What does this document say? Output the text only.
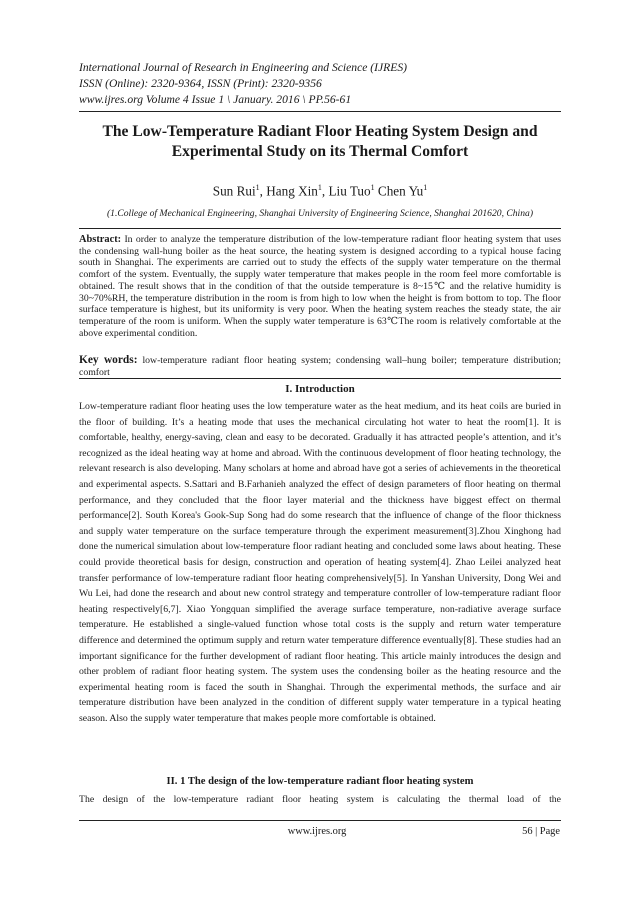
International Journal of Research in Engineering and Science (IJRES)
ISSN (Online): 2320-9364, ISSN (Print): 2320-9356
www.ijres.org Volume 4 Issue 1 \ January. 2016 \ PP.56-61
The Low-Temperature Radiant Floor Heating System Design and Experimental Study on its Thermal Comfort
Sun Rui$^1$, Hang Xin$^1$, Liu Tuo$^1$ Chen Yu$^1$
(1.College of Mechanical Engineering, Shanghai University of Engineering Science, Shanghai 201620, China)
Abstract: In order to analyze the temperature distribution of the low-temperature radiant floor heating system that uses the condensing wall-hung boiler as the heat source, the heating system is designed according to a typical house facing south in Shanghai. The experiments are carried out to study the effects of the supply water temperature on the thermal comfort of the system. Eventually, the supply water temperature that makes people in the room feel more comfortable is obtained. The result shows that in the condition of that the outside temperature is 8~15℃ and the relative humidity is 30~70%RH, the temperature distribution in the room is from high to low when the height is from bottom to top. The floor surface temperature is highest, but its uniformity is very poor. When the heating system reaches the steady state, the air temperature of the room is uniform. When the supply water temperature is 63℃The room is relatively comfortable at the above experimental condition.
Key words: low-temperature radiant floor heating system; condensing wall–hung boiler; temperature distribution; comfort
I. Introduction

Low-temperature radiant floor heating uses the low temperature water as the heat medium, and its heat coils are buried in the floor of building. It’s a heating mode that uses the mechanical circulating hot water to heat the room[1]. It is comfortable, healthy, energy-saving, clean and easy to be decorated. Gradually it has attracted people’s attention, and it’s recognized as the ideal heating way at home and abroad. With the continuous development of floor heating technology, the relevant research is also developing. Many scholars at home and abroad have got a series of achievements in the theoretical and experimental aspects. S.Sattari and B.Farhanieh analyzed the effect of design parameters of floor heating on thermal performance, and they concluded that the floor layer material and the thickness have biggest effect on thermal performance[2]. South Korea's Gook-Sup Song had do some research that the influence of change of the floor thickness and supply water temperature on the surface temperature through the experiment measurement[3].Zhou Xinghong had done the numerical simulation about low-temperature floor radiant heating and concluded some laws about heating. These could provide theoretical basis for design, construction and operation of heating system[4]. Zhao Leilei analyzed heat transfer performance of low-temperature radiant floor heating comprehensively[5]. In Yanshan University, Dong Wei and Wu Lei, had done the research and about new control strategy and temperature controller of low-temperature radiant floor heating respectively[6,7]. Xiao Yongquan simplified the average surface temperature, non-radiative average surface temperature. He established a single-valued function whose total costs is the supply and return water temperature difference and determined the optimum supply and return water temperature difference eventually[8]. These studies had an important significance for the further development of radiant floor heating. This article mainly introduces the design and other problem of radiant floor heating system. The system uses the condensing boiler as the heating resource and the experimental heating room is faced the south in Shanghai. Through the experimental methods, the surface and air temperature distribution have been analyzed in the condition of different supply water temperature in a typical heating season. Also the supply water temperature that makes people more comfortable is obtained.

II. 1 The design of the low-temperature radiant floor heating system
The design of the low-temperature radiant floor heating system is calculating the thermal load of the
www.ijres.org	56 | Page
